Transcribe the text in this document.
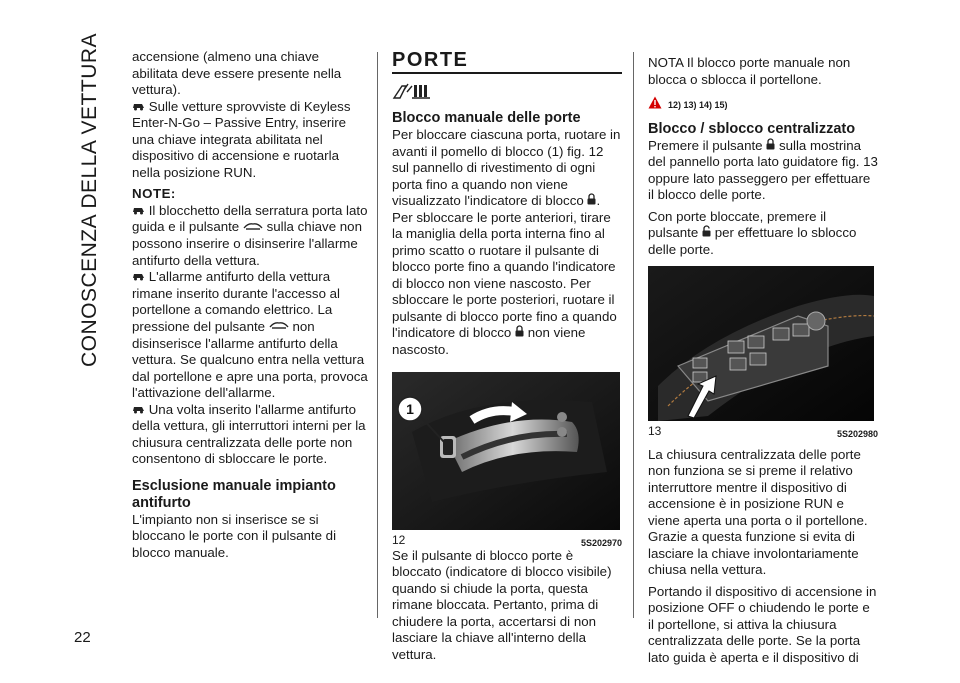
CONOSCENZA DELLA VETTURA
22

accensione (almeno una chiave abilitata deve essere presente nella vettura).

Sulle vetture sprovviste di Keyless Enter-N-Go – Passive Entry, inserire una chiave integrata abilitata nel dispositivo di accensione e ruotarla nella posizione RUN.

NOTE:

Il blocchetto della serratura porta lato guida e il pulsante sulla chiave non possono inserire o disinserire l'allarme antifurto della vettura.

L'allarme antifurto della vettura rimane inserito durante l'accesso al portellone a comando elettrico. La pressione del pulsante non disinserisce l'allarme antifurto della vettura. Se qualcuno entra nella vettura dal portellone e apre una porta, provoca l'attivazione dell'allarme.

Una volta inserito l'allarme antifurto della vettura, gli interruttori interni per la chiusura centralizzata delle porte non consentono di sbloccare le porte.

Esclusione manuale impianto antifurto

L'impianto non si inserisce se si bloccano le porte con il pulsante di blocco manuale.

PORTE

Blocco manuale delle porte

Per bloccare ciascuna porta, ruotare in avanti il pomello di blocco (1) fig. 12 sul pannello di rivestimento di ogni porta fino a quando non viene visualizzato l'indicatore di blocco . Per sbloccare le porte anteriori, tirare la maniglia della porta interna fino al primo scatto o ruotare il pulsante di blocco porte fino a quando l'indicatore di blocco non viene nascosto. Per sbloccare le porte posteriori, ruotare il pulsante di blocco porte fino a quando l'indicatore di blocco non viene nascosto.

1
12	5S202970

Se il pulsante di blocco porte è bloccato (indicatore di blocco visibile) quando si chiude la porta, questa rimane bloccata. Pertanto, prima di chiudere la porta, accertarsi di non lasciare la chiave all'interno della vettura.

NOTA Il blocco porte manuale non blocca o sblocca il portellone.

12) 13) 14) 15)

Blocco / sblocco centralizzato

Premere il pulsante sulla mostrina del pannello porta lato guidatore fig. 13 oppure lato passeggero per effettuare il blocco delle porte.

Con porte bloccate, premere il pulsante per effettuare lo sblocco delle porte.

13	5S202980

La chiusura centralizzata delle porte non funziona se si preme il relativo interruttore mentre il dispositivo di accensione è in posizione RUN e viene aperta una porta o il portellone. Grazie a questa funzione si evita di lasciare la chiave involontariamente chiusa nella vettura.

Portando il dispositivo di accensione in posizione OFF o chiudendo le porte e il portellone, si attiva la chiusura centralizzata delle porte. Se la porta lato guida è aperta e il dispositivo di
